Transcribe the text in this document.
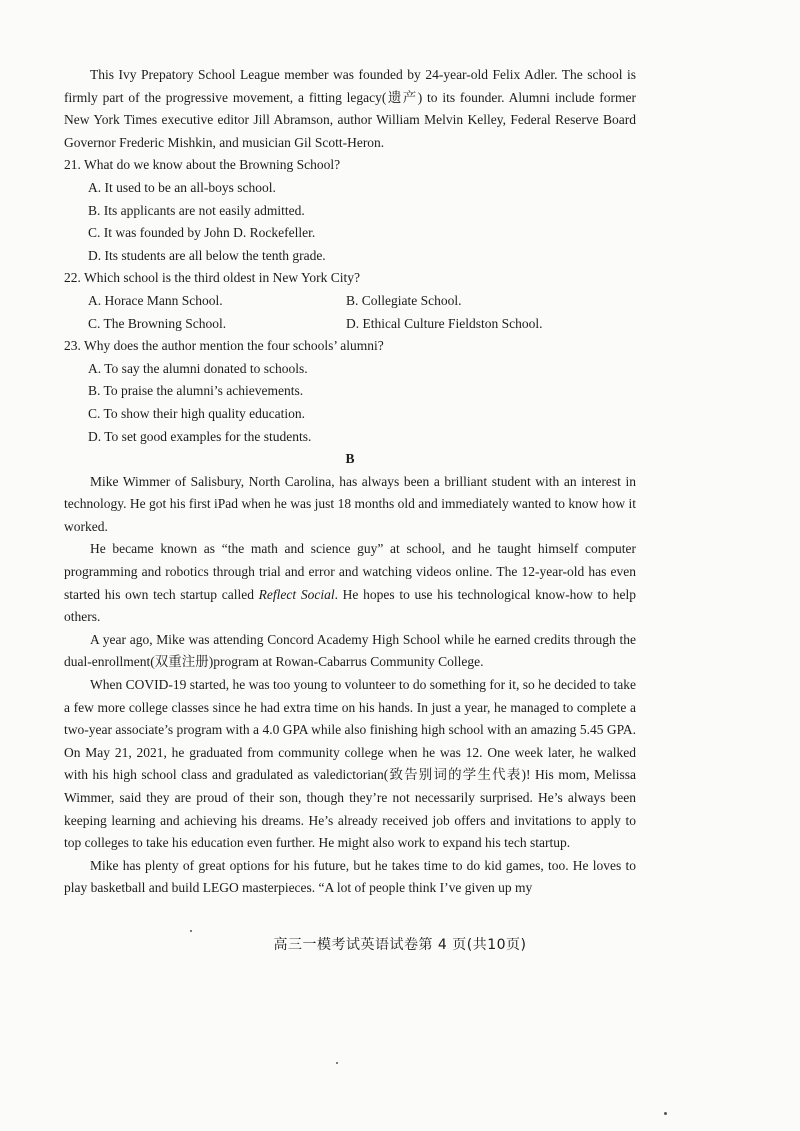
This Ivy Prepatory School League member was founded by 24-year-old Felix Adler. The school is firmly part of the progressive movement, a fitting legacy(遗产) to its founder. Alumni include former New York Times executive editor Jill Abramson, author William Melvin Kelley, Federal Reserve Board Governor Frederic Mishkin, and musician Gil Scott-Heron.

21. What do we know about the Browning School?

A. It used to be an all-boys school.

B. Its applicants are not easily admitted.

C. It was founded by John D. Rockefeller.

D. Its students are all below the tenth grade.

22. Which school is the third oldest in New York City?

A. Horace Mann School.	B. Collegiate School.
C. The Browning School.	D. Ethical Culture Fieldston School.

23. Why does the author mention the four schools’ alumni?

A. To say the alumni donated to schools.

B. To praise the alumni’s achievements.

C. To show their high quality education.

D. To set good examples for the students.

B

Mike Wimmer of Salisbury, North Carolina, has always been a brilliant student with an interest in technology. He got his first iPad when he was just 18 months old and immediately wanted to know how it worked.

He became known as “the math and science guy” at school, and he taught himself computer programming and robotics through trial and error and watching videos online. The 12-year-old has even started his own tech startup called Reflect Social. He hopes to use his technological know-how to help others.

A year ago, Mike was attending Concord Academy High School while he earned credits through the dual-enrollment(双重注册)program at Rowan-Cabarrus Community College.

When COVID-19 started, he was too young to volunteer to do something for it, so he decided to take a few more college classes since he had extra time on his hands. In just a year, he managed to complete a two-year associate’s program with a 4.0 GPA while also finishing high school with an amazing 5.45 GPA. On May 21, 2021, he graduated from community college when he was 12. One week later, he walked with his high school class and gradulated as valedictorian(致告别词的学生代表)! His mom, Melissa Wimmer, said they are proud of their son, though they’re not necessarily surprised. He’s always been keeping learning and achieving his dreams. He’s already received job offers and invitations to apply to top colleges to take his education even further. He might also work to expand his tech startup.

Mike has plenty of great options for his future, but he takes time to do kid games, too. He loves to play basketball and build LEGO masterpieces. “A lot of people think I’ve given up my

高三一模考试英语试卷第 4 页(共10页)
